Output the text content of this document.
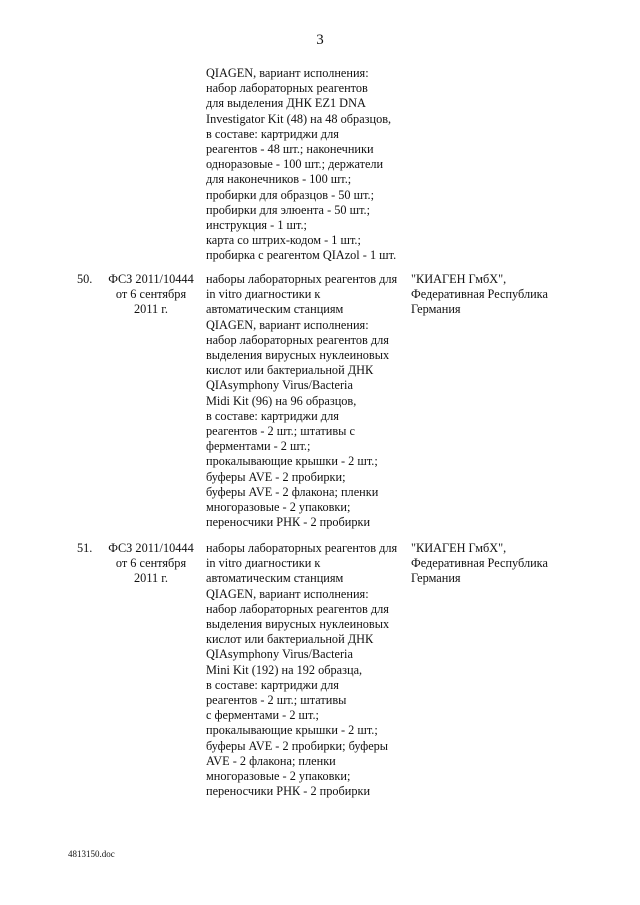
3
QIAGEN, вариант исполнения:
набор лабораторных реагентов
для выделения ДНК EZ1 DNA
Investigator Kit (48) на 48 образцов,
в составе: картриджи для
реагентов - 48 шт.; наконечники
одноразовые - 100 шт.; держатели
для наконечников - 100 шт.;
пробирки для образцов - 50 шт.;
пробирки для элюента - 50 шт.;
инструкция - 1 шт.;
карта со штрих-кодом - 1 шт.;
пробирка с реагентом QIAzol - 1 шт.
50.	ФСЗ 2011/10444
от 6 сентября
2011 г.
наборы лабораторных реагентов для
in vitro диагностики к
автоматическим станциям
QIAGEN, вариант исполнения:
набор лабораторных реагентов для
выделения вирусных нуклеиновых
кислот или бактериальной ДНК
QIAsymphony Virus/Bacteria
Midi Kit (96) на 96 образцов,
в составе: картриджи для
реагентов - 2 шт.; штативы с
ферментами - 2 шт.;
прокалывающие крышки - 2 шт.;
буферы AVE - 2 пробирки;
буферы AVE - 2 флакона; пленки
многоразовые - 2 упаковки;
переносчики РНК - 2 пробирки
"КИАГЕН ГмбХ",
Федеративная Республика
Германия
51.	ФСЗ 2011/10444
от 6 сентября
2011 г.
наборы лабораторных реагентов для
in vitro диагностики к
автоматическим станциям
QIAGEN, вариант исполнения:
набор лабораторных реагентов для
выделения вирусных нуклеиновых
кислот или бактериальной ДНК
QIAsymphony Virus/Bacteria
Mini Kit (192) на 192 образца,
в составе: картриджи для
реагентов - 2 шт.; штативы
с ферментами - 2 шт.;
прокалывающие крышки - 2 шт.;
буферы AVE - 2 пробирки; буферы
AVE - 2 флакона; пленки
многоразовые - 2 упаковки;
переносчики РНК - 2 пробирки
"КИАГЕН ГмбХ",
Федеративная Республика
Германия
4813150.doc
